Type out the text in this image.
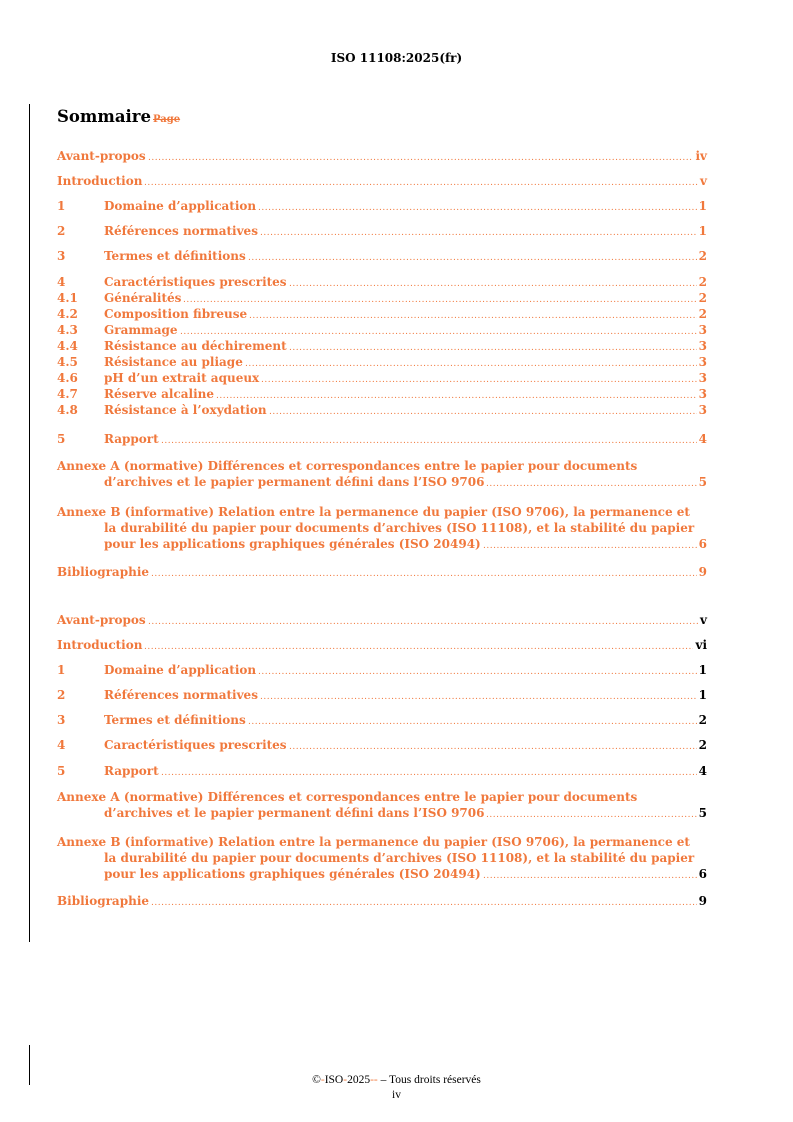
ISO 11108:2025(fr)
Sommaire Page
Avant-propos	iv
.....
Introduction	v
.....
1	Domaine d’application	1
.....
2	Références normatives	1
.....
3	Termes et définitions	2
.....
4	Caractéristiques prescrites	2
.....
4.1 Généralités	2
.....
4.2 Composition fibreuse	2
.....
4.3 Grammage	3
.....
4.4 Résistance au déchirement	3
.....
4.5 Résistance au pliage	3
.....
4.6 pH d’un extrait aqueux	3
.....
4.7 Réserve alcaline	3
.....
4.8 Résistance à l’oxydation	3
.....
5	Rapport	4
.....
Annexe A (normative) Différences et correspondances entre le papier pour documents
d’archives et le papier permanent défini dans l’ISO 9706	5
.....
Annexe B (informative) Relation entre la permanence du papier (ISO 9706), la permanence et
la durabilité du papier pour documents d’archives (ISO 11108), et la stabilité du papier
pour les applications graphiques générales (ISO 20494)	6
.....
Bibliographie	9
.....
Avant-propos	v
.....
Introduction	vi
.....
1	Domaine d’application	1
.....
2	Références normatives	1
.....
3	Termes et définitions	2
.....
4	Caractéristiques prescrites	2
.....
5	Rapport	4
.....
Annexe A (normative) Différences et correspondances entre le papier pour documents
d’archives et le papier permanent défini dans l’ISO 9706	5
.....
Annexe B (informative) Relation entre la permanence du papier (ISO 9706), la permanence et
la durabilité du papier pour documents d’archives (ISO 11108), et la stabilité du papier
pour les applications graphiques générales (ISO 20494)	6
.....
Bibliographie	9
.....
©-ISO-2025-- – Tous droits réservés
iv
